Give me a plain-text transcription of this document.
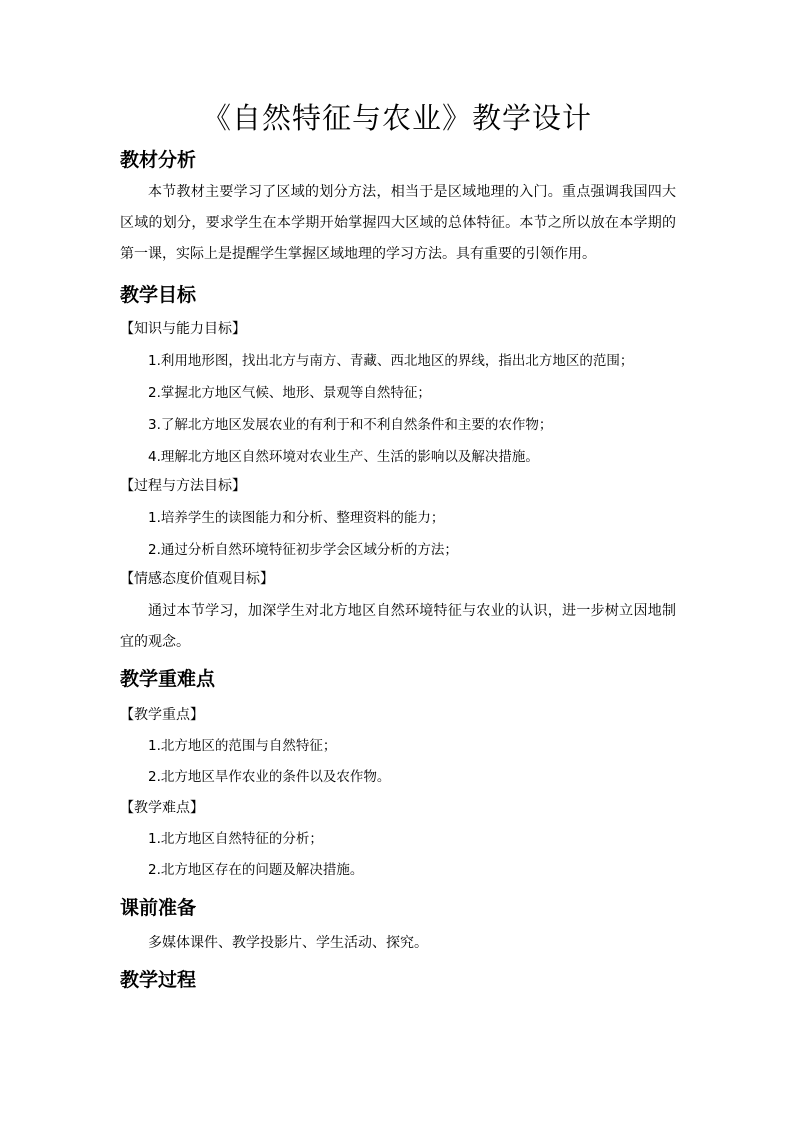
《自然特征与农业》教学设计
教材分析

本节教材主要学习了区域的划分方法，相当于是区域地理的入门。重点强调我国四大区域的划分，要求学生在本学期开始掌握四大区域的总体特征。本节之所以放在本学期的第一课，实际上是提醒学生掌握区域地理的学习方法。具有重要的引领作用。

教学目标
【知识与能力目标】
1.利用地形图，找出北方与南方、青藏、西北地区的界线，指出北方地区的范围；
2.掌握北方地区气候、地形、景观等自然特征；
3.了解北方地区发展农业的有利于和不利自然条件和主要的农作物；
4.理解北方地区自然环境对农业生产、生活的影响以及解决措施。
【过程与方法目标】
1.培养学生的读图能力和分析、整理资料的能力；
2.通过分析自然环境特征初步学会区域分析的方法；
【情感态度价值观目标】

通过本节学习，加深学生对北方地区自然环境特征与农业的认识，进一步树立因地制宜的观念。

教学重难点
【教学重点】
1.北方地区的范围与自然特征；
2.北方地区旱作农业的条件以及农作物。
【教学难点】
1.北方地区自然特征的分析；
2.北方地区存在的问题及解决措施。
课前准备

多媒体课件、教学投影片、学生活动、探究。

教学过程
